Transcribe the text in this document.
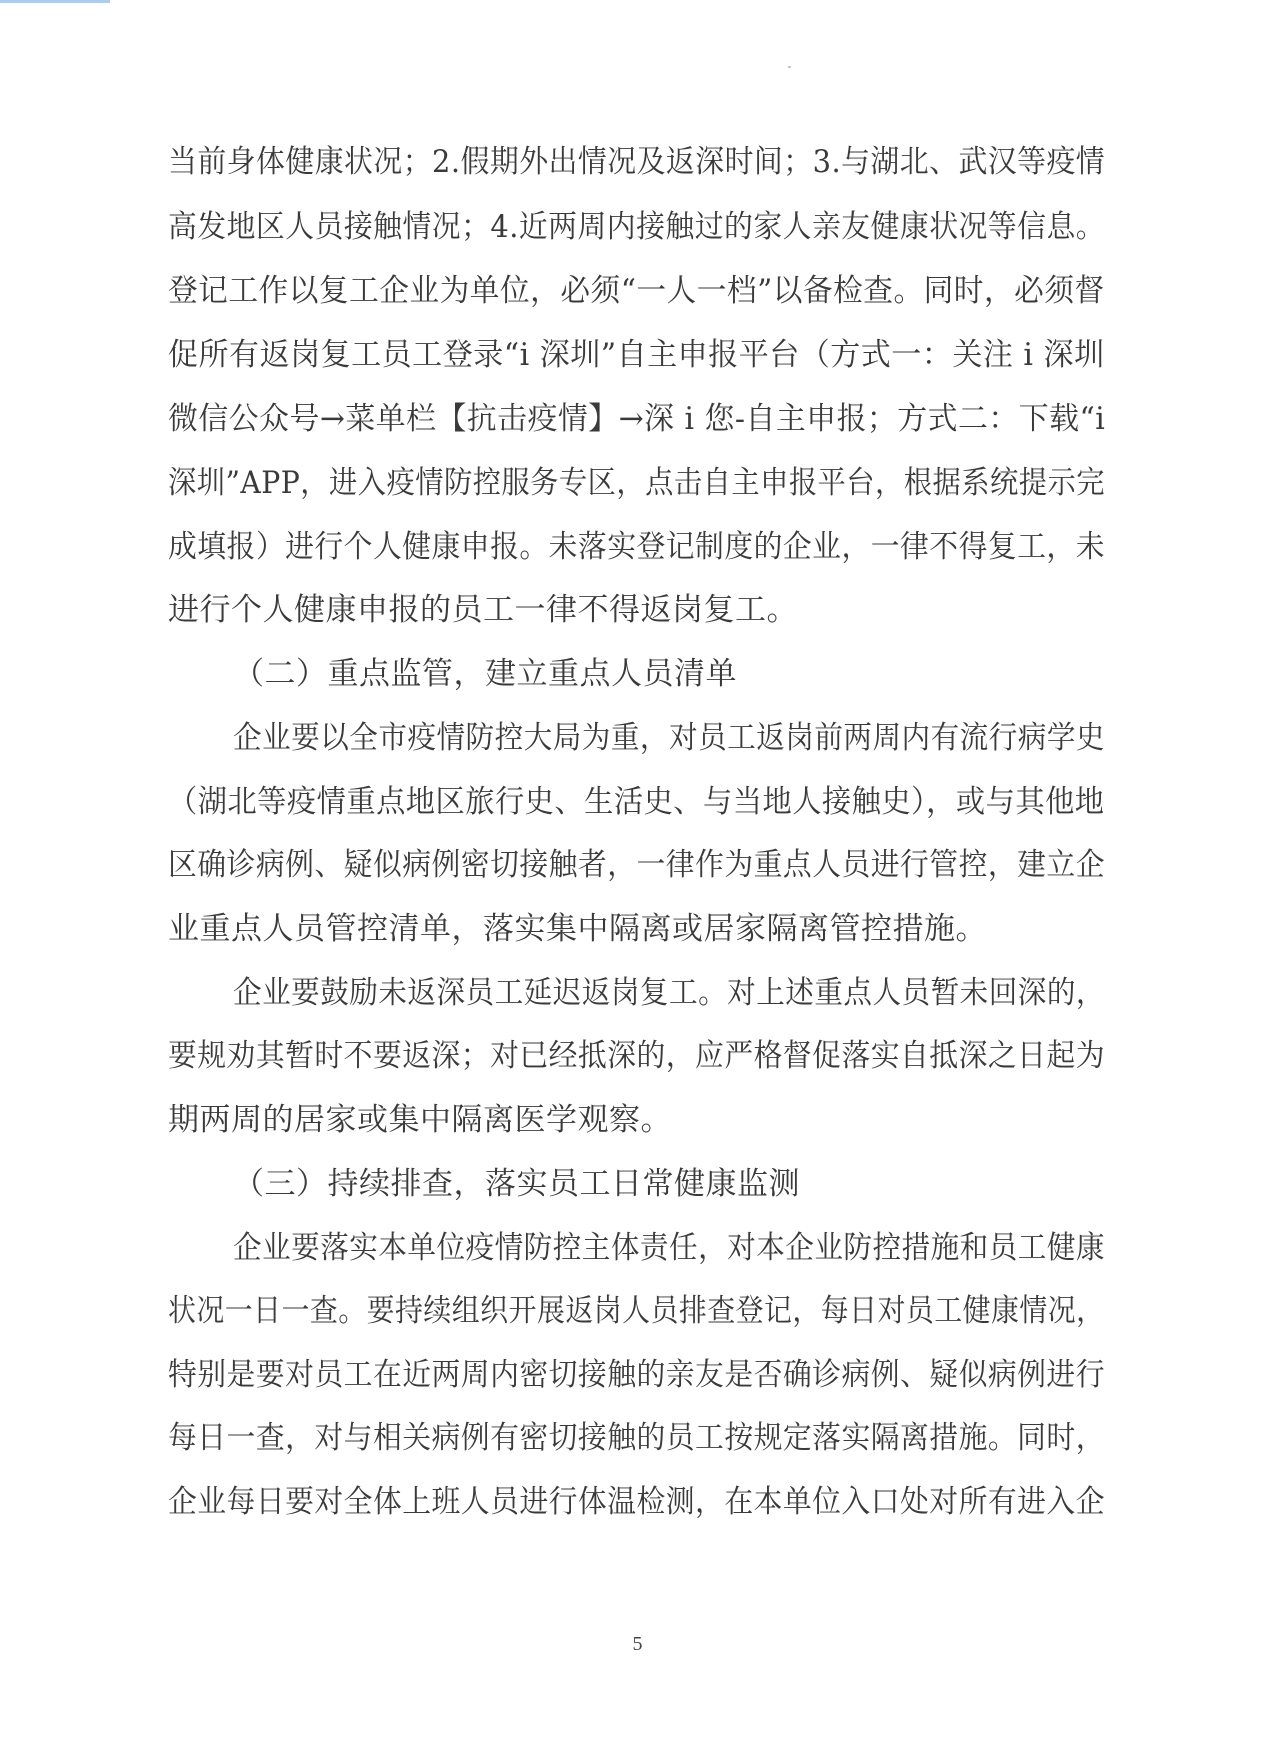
当前身体健康状况；2.假期外出情况及返深时间；3.与湖北、武汉等疫情
高发地区人员接触情况；4.近两周内接触过的家人亲友健康状况等信息。
登记工作以复工企业为单位，必须“一人一档”以备检查。同时，必须督
促所有返岗复工员工登录“i 深圳”自主申报平台（方式一：关注 i 深圳
微信公众号→菜单栏【抗击疫情】→深 i 您-自主申报；方式二：下载“i
深圳”APP，进入疫情防控服务专区，点击自主申报平台，根据系统提示完
成填报）进行个人健康申报。未落实登记制度的企业，一律不得复工，未
进行个人健康申报的员工一律不得返岗复工。
（二）重点监管，建立重点人员清单
企业要以全市疫情防控大局为重，对员工返岗前两周内有流行病学史
（湖北等疫情重点地区旅行史、生活史、与当地人接触史），或与其他地
区确诊病例、疑似病例密切接触者，一律作为重点人员进行管控，建立企
业重点人员管控清单，落实集中隔离或居家隔离管控措施。
企业要鼓励未返深员工延迟返岗复工。对上述重点人员暂未回深的，
要规劝其暂时不要返深；对已经抵深的，应严格督促落实自抵深之日起为
期两周的居家或集中隔离医学观察。
（三）持续排查，落实员工日常健康监测
企业要落实本单位疫情防控主体责任，对本企业防控措施和员工健康
状况一日一查。要持续组织开展返岗人员排查登记，每日对员工健康情况，
特别是要对员工在近两周内密切接触的亲友是否确诊病例、疑似病例进行
每日一查，对与相关病例有密切接触的员工按规定落实隔离措施。同时，
企业每日要对全体上班人员进行体温检测，在本单位入口处对所有进入企
5
